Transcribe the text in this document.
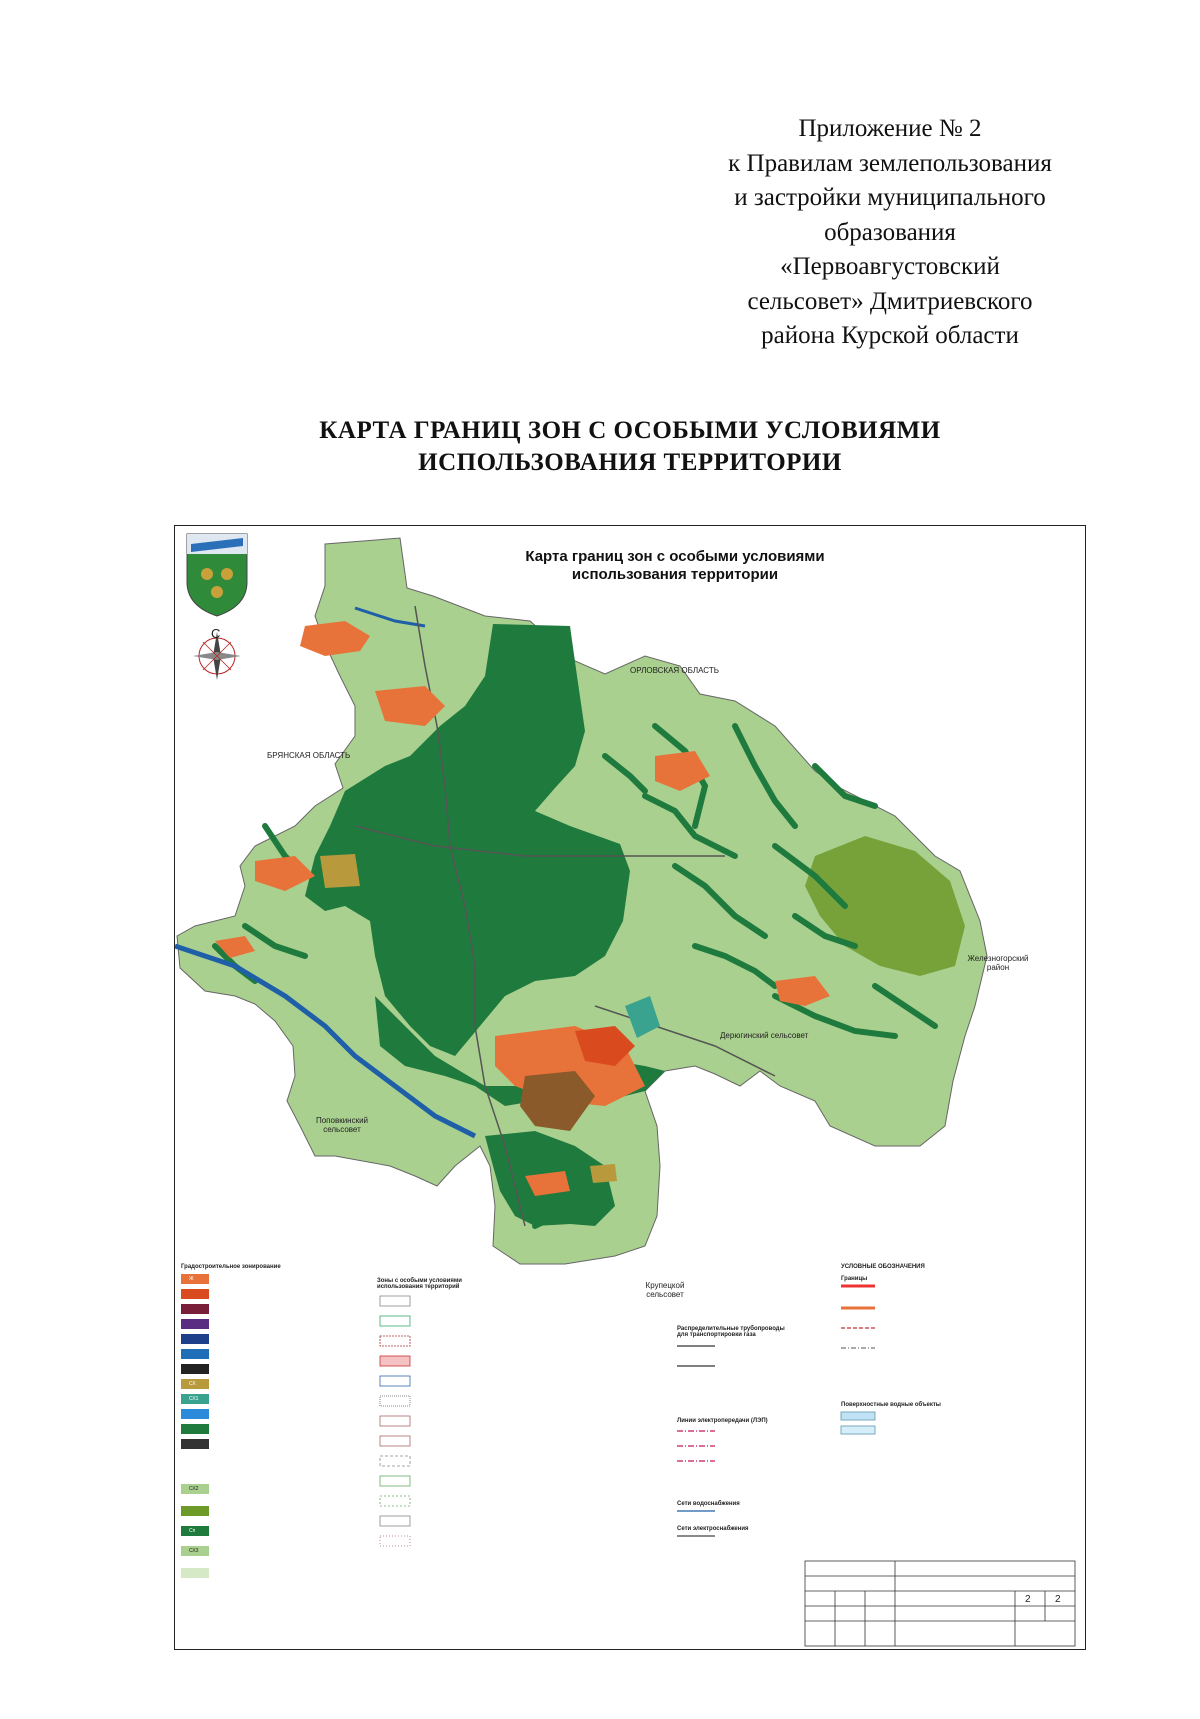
Приложение № 2
к Правилам землепользования
и застройки муниципального
образования
«Первоавгустовский
сельсовет» Дмитриевского
района Курской области
КАРТА ГРАНИЦ ЗОН С ОСОБЫМИ УСЛОВИЯМИ
ИСПОЛЬЗОВАНИЯ ТЕРРИТОРИИ
Карта границ зон с особыми условиями
использования территории
С
ОРЛОВСКАЯ ОБЛАСТЬ
БРЯНСКАЯ ОБЛАСТЬ
Железногорский
район
Дерюгинский сельсовет
Поповкинский
сельсовет
Крупецкой
сельсовет
Градостроительное зонирование
Зоны с особыми условиями использования территорий
Распределительные трубопроводы для транспортировки газа
Линии электропередачи (ЛЭП)
Сети водоснабжения
Сети электроснабжения
УСЛОВНЫЕ ОБОЗНАЧЕНИЯ
Границы
Поверхностные водные объекты
Ж
СХ
СХ1
СХ2
Сп
СХ3
2 2
